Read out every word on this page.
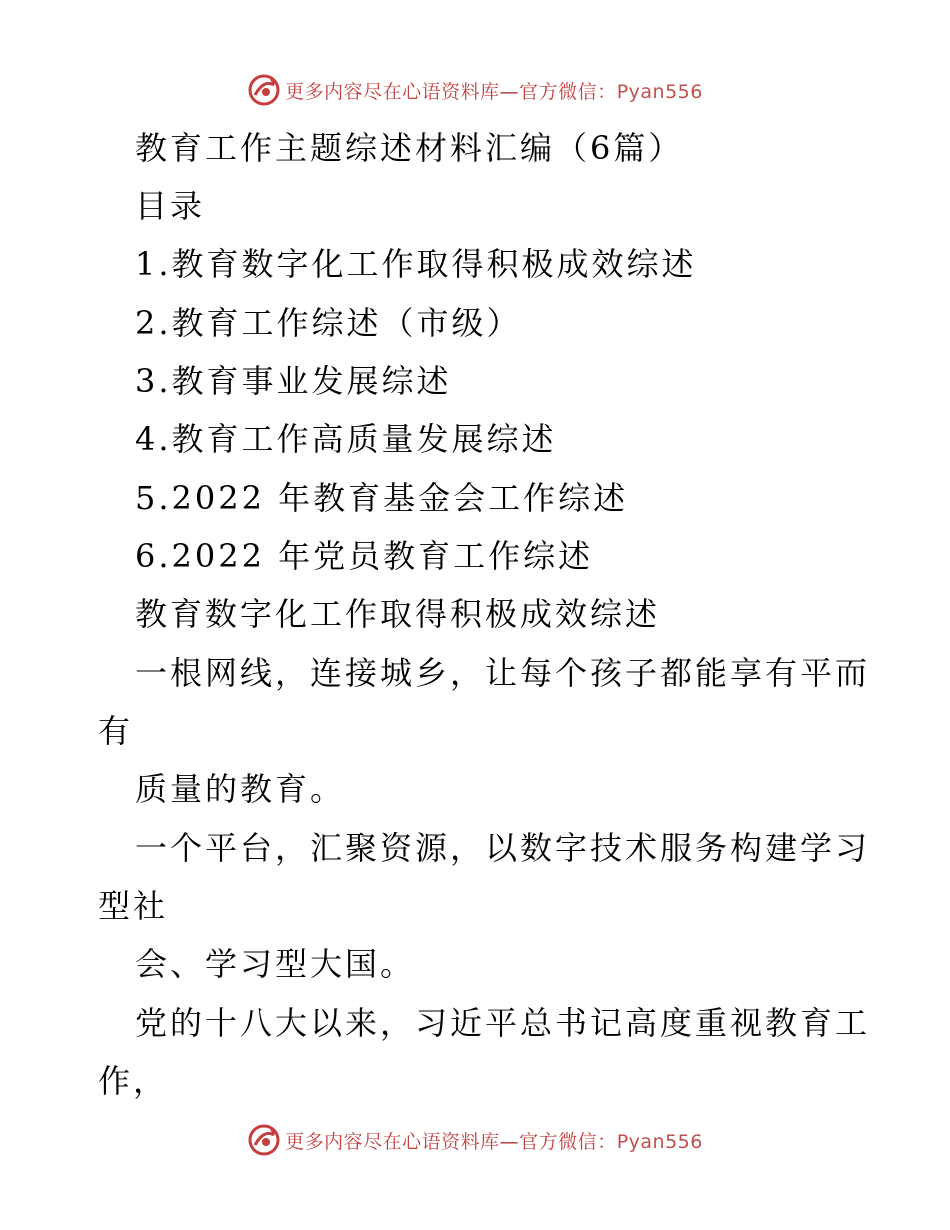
更多内容尽在心语资料库—官方微信：Pyan556
教育工作主题综述材料汇编（6篇）
目录
1.教育数字化工作取得积极成效综述
2.教育工作综述（市级）
3.教育事业发展综述
4.教育工作高质量发展综述
5.2022 年教育基金会工作综述
6.2022 年党员教育工作综述
教育数字化工作取得积极成效综述
一根网线，连接城乡，让每个孩子都能享有平而
有
质量的教育。
一个平台，汇聚资源，以数字技术服务构建学习
型社
会、学习型大国。
党的十八大以来，习近平总书记高度重视教育工
作，
更多内容尽在心语资料库—官方微信：Pyan556
